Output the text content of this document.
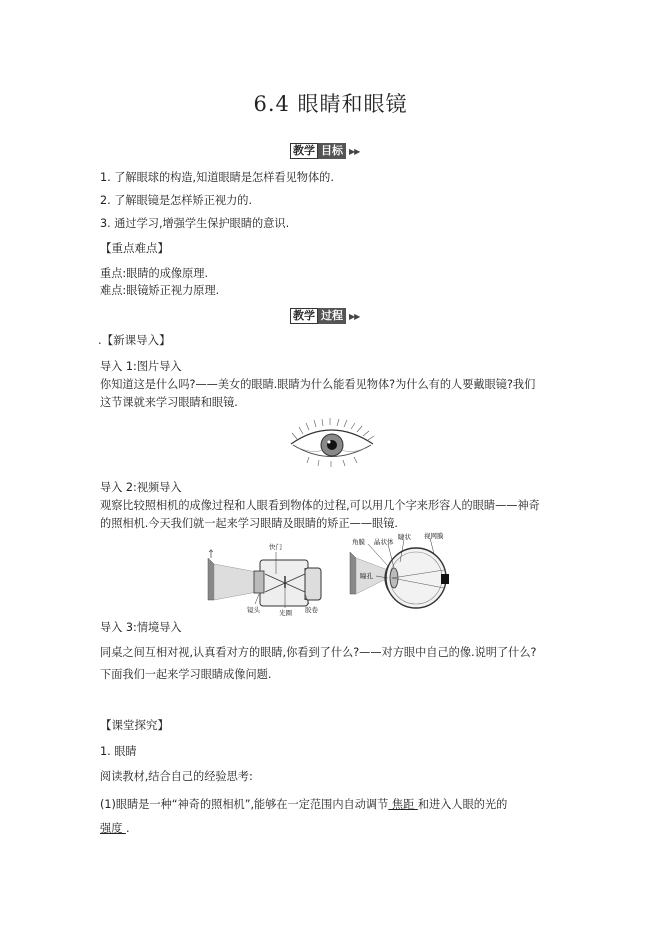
6.4 眼睛和眼镜
教学 目标 ▶▶
1. 了解眼球的构造,知道眼睛是怎样看见物体的.
2. 了解眼镜是怎样矫正视力的.
3. 通过学习,增强学生保护眼睛的意识.
【重点难点】
重点:眼睛的成像原理.
难点:眼镜矫正视力原理.
教学 过程 ▶▶
.【新课导入】
导入 1:图片导入
你知道这是什么吗?——美女的眼睛.眼睛为什么能看见物体?为什么有的人要戴眼镜?我们
这节课就来学习眼睛和眼镜.
导入 2:视频导入
观察比较照相机的成像过程和人眼看到物体的过程,可以用几个字来形容人的眼睛——神奇
的照相机.今天我们就一起来学习眼睛及眼睛的矫正——眼镜.
快门
镜头	光圈 胶卷
角膜 晶状体
睫状 视网膜
瞳孔
导入 3:情境导入
同桌之间互相对视,认真看对方的眼睛,你看到了什么?——对方眼中自己的像.说明了什么?
下面我们一起来学习眼睛成像问题.
【课堂探究】
1. 眼睛
阅读教材,结合自己的经验思考:
(1)眼睛是一种“神奇的照相机”,能够在一定范围内自动调节 焦距 和进入人眼的光的
强度 .
